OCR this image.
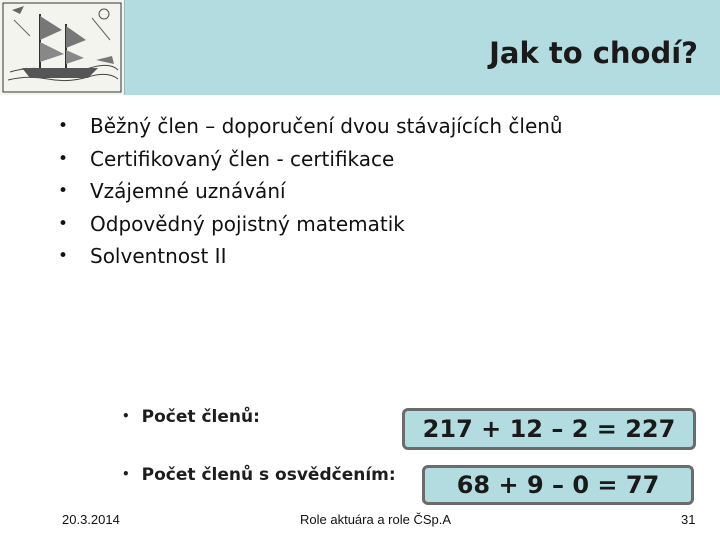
Jak to chodí?
• Běžný člen – doporučení dvou stávajících členů
• Certifikovaný člen - certifikace
• Vzájemné uznávání
• Odpovědný pojistný matematik
• Solventnost II
• Počet členů:	217 + 12 – 2 = 227
• Počet členů s osvědčením:	68 + 9 – 0 = 77
20.3.2014	Role aktuára a role ČSp.A	31
